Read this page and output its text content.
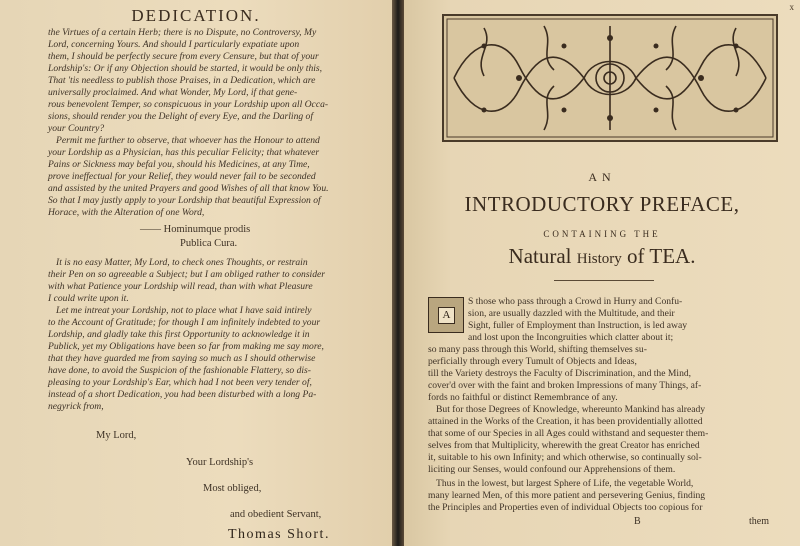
DEDICATION.
the Virtues of a certain Herb; there is no Dispute, no Controversy, My
Lord, concerning Yours. And should I particularly expatiate upon
them, I should be perfectly secure from every Censure, but that of your
Lordship's: Or if any Objection should be started, it would be only this,
That 'tis needless to publish those Praises, in a Dedication, which are
universally proclaimed. And what Wonder, My Lord, if that gene-
rous benevolent Temper, so conspicuous in your Lordship upon all Occa-
sions, should render you the Delight of every Eye, and the Darling of
your Country?
Permit me further to observe, that whoever has the Honour to attend
your Lordship as a Physician, has this peculiar Felicity; that whatever
Pains or Sickness may befal you, should his Medicines, at any Time,
prove ineffectual for your Relief, they would never fail to be seconded
and assisted by the united Prayers and good Wishes of all that know You.
So that I may justly apply to your Lordship that beautiful Expression of
Horace, with the Alteration of one Word,
—— Hominumque prodis
Publica Cura.
It is no easy Matter, My Lord, to check ones Thoughts, or restrain
their Pen on so agreeable a Subject; but I am obliged rather to consider
with what Patience your Lordship will read, than with what Pleasure
I could write upon it.
Let me intreat your Lordship, not to place what I have said intirely
to the Account of Gratitude; for though I am infinitely indebted to your
Lordship, and gladly take this first Opportunity to acknowledge it in
Publick, yet my Obligations have been so far from making me say more,
that they have guarded me from saying so much as I should otherwise
have done, to avoid the Suspicion of the fashionable Flattery, so dis-
pleasing to your Lordship's Ear, which had I not been very tender of,
instead of a short Dedication, you had been disturbed with a long Pa-
negyrick from,
My Lord,
Your Lordship's
Most obliged,
and obedient Servant,
Thomas Short.
x
AN
INTRODUCTORY PREFACE,
CONTAINING THE
Natural History of TEA.
A
S those who pass through a Crowd in Hurry and Confu-
sion, are usually dazzled with the Multitude, and their
Sight, fuller of Employment than Instruction, is led away
and lost upon the Incongruities which clatter about it;
so many pass through this World, shifting themselves su-
perficially through every Tumult of Objects and Ideas,
till the Variety destroys the Faculty of Discrimination, and the Mind,
cover'd over with the faint and broken Impressions of many Things, af-
fords no faithful or distinct Remembrance of any.
But for those Degrees of Knowledge, whereunto Mankind has already
attained in the Works of the Creation, it has been providentially allotted
that some of our Species in all Ages could withstand and sequester them-
selves from that Multiplicity, wherewith the great Creator has enriched
it, suitable to his own Infinity; and which otherwise, so continually sol-
liciting our Senses, would confound our Apprehensions of them.
Thus in the lowest, but largest Sphere of Life, the vegetable World,
many learned Men, of this more patient and persevering Genius, finding
the Principles and Properties even of individual Objects too copious for
B	them
